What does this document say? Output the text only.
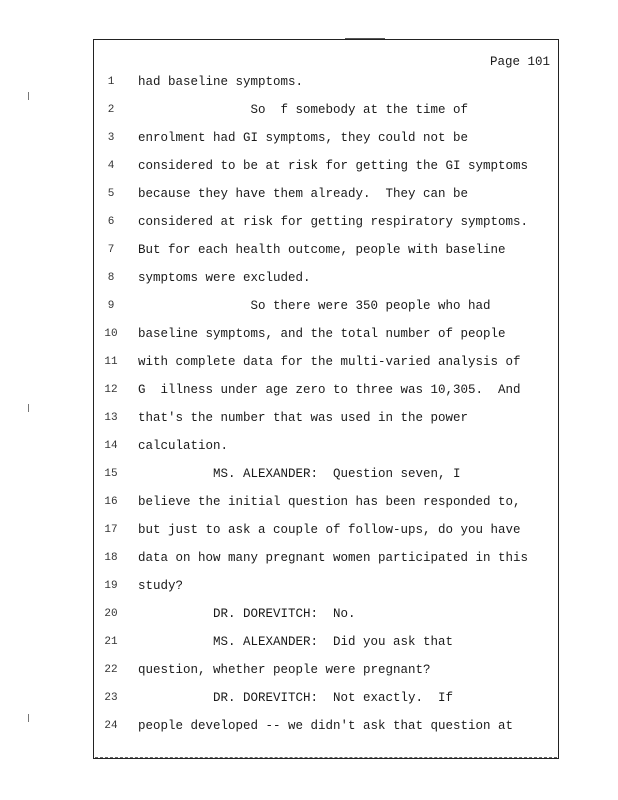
Page 101
1	had baseline symptoms.
2	So  f somebody at the time of
3	enrolment had GI symptoms, they could not be
4	considered to be at risk for getting the GI symptoms
5	because they have them already.  They can be
6	considered at risk for getting respiratory symptoms.
7	But for each health outcome, people with baseline
8	symptoms were excluded.
9	So there were 350 people who had
10	baseline symptoms, and the total number of people
11	with complete data for the multi-varied analysis of
12	G  illness under age zero to three was 10,305.  And
13	that's the number that was used in the power
14	calculation.
15	MS. ALEXANDER:  Question seven, I
16	believe the initial question has been responded to,
17	but just to ask a couple of follow-ups, do you have
18	data on how many pregnant women participated in this
19	study?
20	DR. DOREVITCH:  No.
21	MS. ALEXANDER:  Did you ask that
22	question, whether people were pregnant?
23	DR. DOREVITCH:  Not exactly.  If
24	people developed -- we didn't ask that question at
